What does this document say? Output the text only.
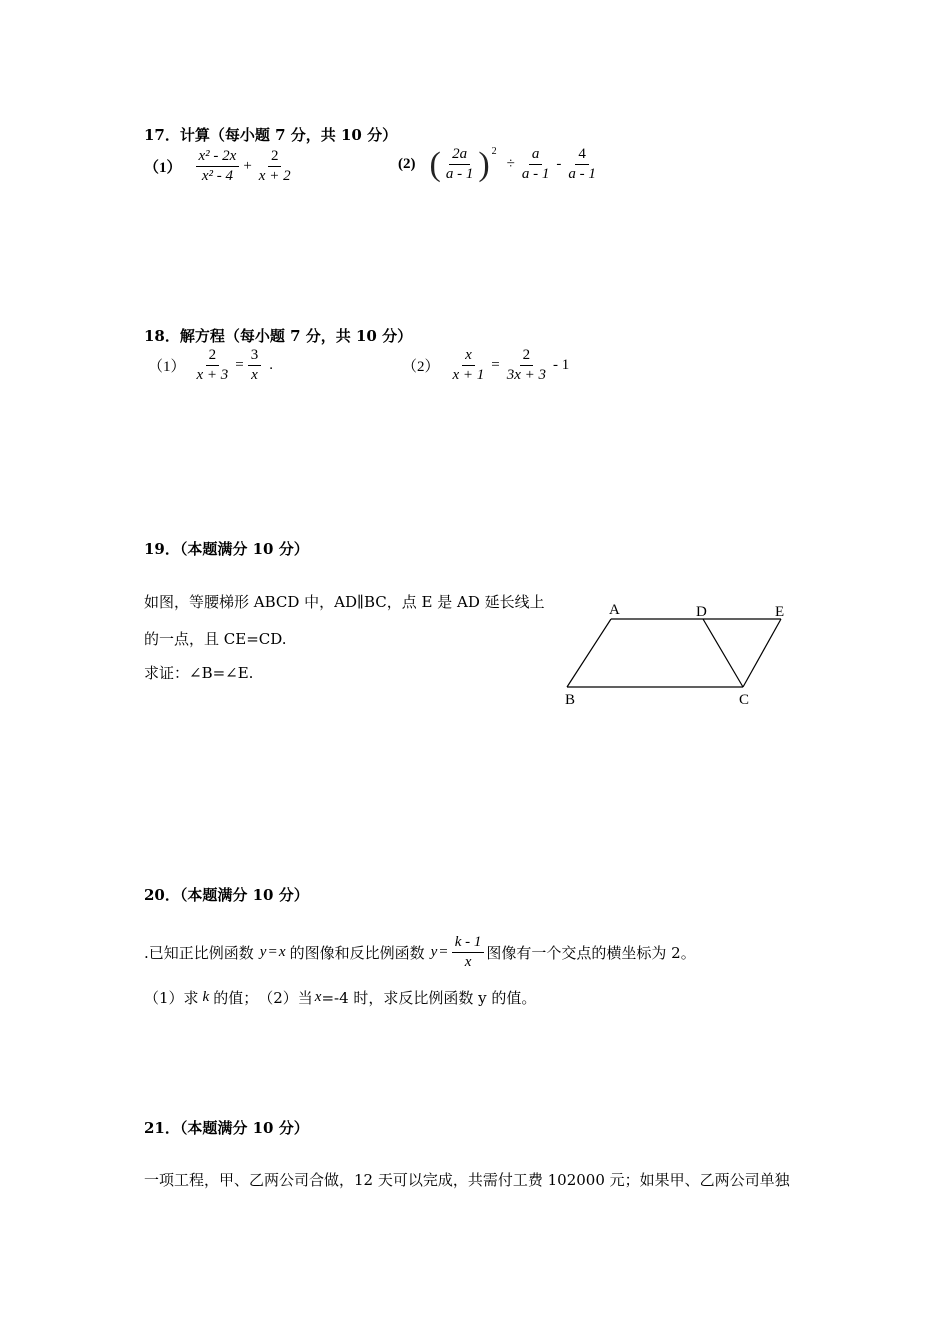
17．计算（每小题 7 分，共 10 分）
$(1) \frac{\text{x² - 2x}}{\text{x² - 4}} + \frac{2}{x + 2}$	(2) ( $\frac{2a}{a - 1}$ ) 2
÷ $\frac{a}{a - 1} - \frac{4}{a - 1}$
18．解方程（每小题 7 分，共 10 分）
$(1) \frac{2}{x + 3} = \frac{3}{x}$ .	$(2) \frac{x}{x + 1} = \frac{2}{3x + 3} - 1$
19．（本题满分 10 分）
如图，等腰梯形 ABCD 中，AD∥BC，点 E 是 AD 延长线上
的一点，且 CE=CD.
求证：∠B=∠E.
A	D	E
B	C
20．（本题满分 10 分）
.已知正比例函数 y = x 的图像和反比例函数 $y = \frac{k - 1}{x}$ 图像有一个交点的横坐标为 2。
（1）求 k 的值；　（2）当 x =-4 时，求反比例函数 y 的值。
21．（本题满分 10 分）
一项工程，甲、乙两公司合做，12 天可以完成，共需付工费 102000 元；如果甲、乙两公司单独
